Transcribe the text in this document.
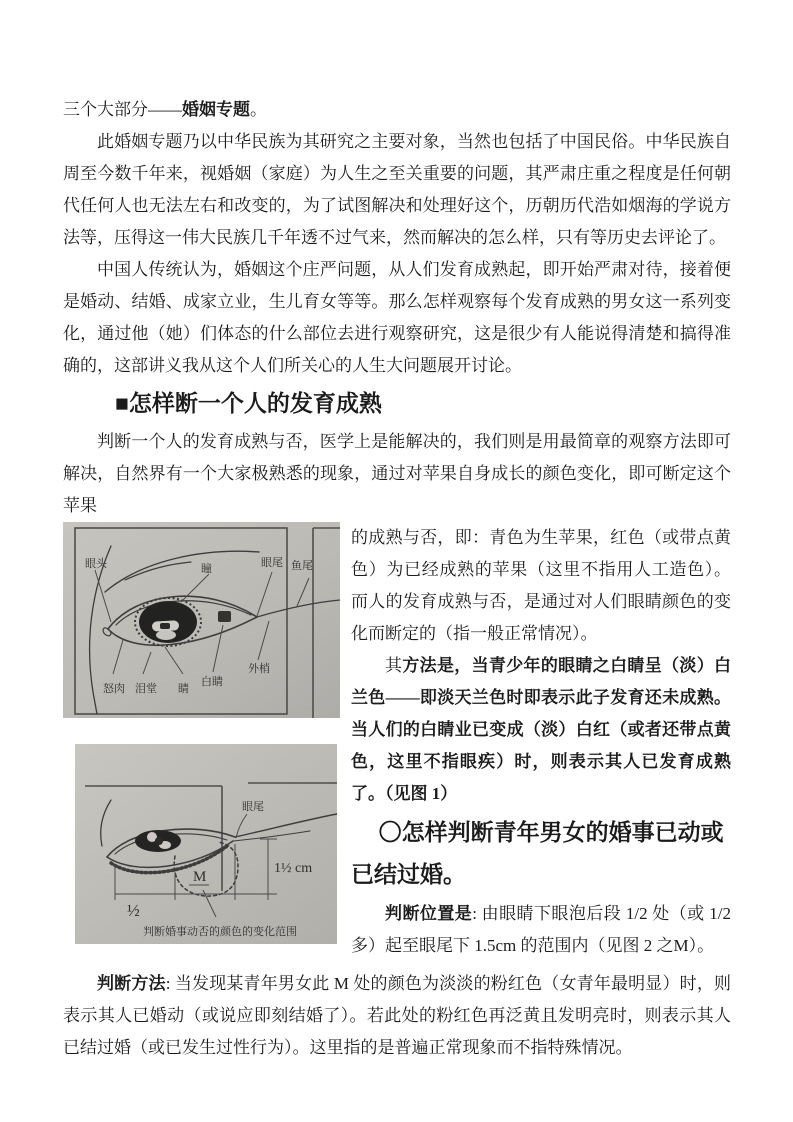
三个大部分——婚姻专题。

此婚姻专题乃以中华民族为其研究之主要对象，当然也包括了中国民俗。中华民族自周至今数千年来，视婚姻（家庭）为人生之至关重要的问题，其严肃庄重之程度是任何朝代任何人也无法左右和改变的，为了试图解决和处理好这个，历朝历代浩如烟海的学说方法等，压得这一伟大民族几千年透不过气来，然而解决的怎么样，只有等历史去评论了。

中国人传统认为，婚姻这个庄严问题，从人们发育成熟起，即开始严肃对待，接着便是婚动、结婚、成家立业，生儿育女等等。那么怎样观察每个发育成熟的男女这一系列变化，通过他（她）们体态的什么部位去进行观察研究，这是很少有人能说得清楚和搞得准确的，这部讲义我从这个人们所关心的人生大问题展开讨论。

■怎样断一个人的发育成熟

判断一个人的发育成熟与否，医学上是能解决的，我们则是用最简章的观察方法即可解决，自然界有一个大家极熟悉的现象，通过对苹果自身成长的颜色变化，即可断定这个苹果

眼头	瞳	眼尾 鱼尾
怒肉 泪堂 睛
白睛
外梢
眼尾
M
½
1½ cm
判断婚事动否的颜色的变化范围

的成熟与否，即：青色为生苹果，红色（或带点黄色）为已经成熟的苹果（这里不指用人工造色）。而人的发育成熟与否，是通过对人们眼睛颜色的变化而断定的（指一般正常情况）。

其方法是，当青少年的眼睛之白睛呈（淡）白兰色——即淡天兰色时即表示此子发育还未成熟。当人们的白睛业已变成（淡）白红（或者还带点黄色，这里不指眼疾）时，则表示其人已发育成熟了。（见图 1）

〇怎样判断青年男女的婚事已动或已结过婚。

判断位置是: 由眼睛下眼泡后段 1/2 处（或 1/2 多）起至眼尾下 1.5cm 的范围内（见图 2 之M）。

判断方法: 当发现某青年男女此 M 处的颜色为淡淡的粉红色（女青年最明显）时，则表示其人已婚动（或说应即刻结婚了）。若此处的粉红色再泛黄且发明亮时，则表示其人已结过婚（或已发生过性行为）。这里指的是普遍正常现象而不指特殊情况。
